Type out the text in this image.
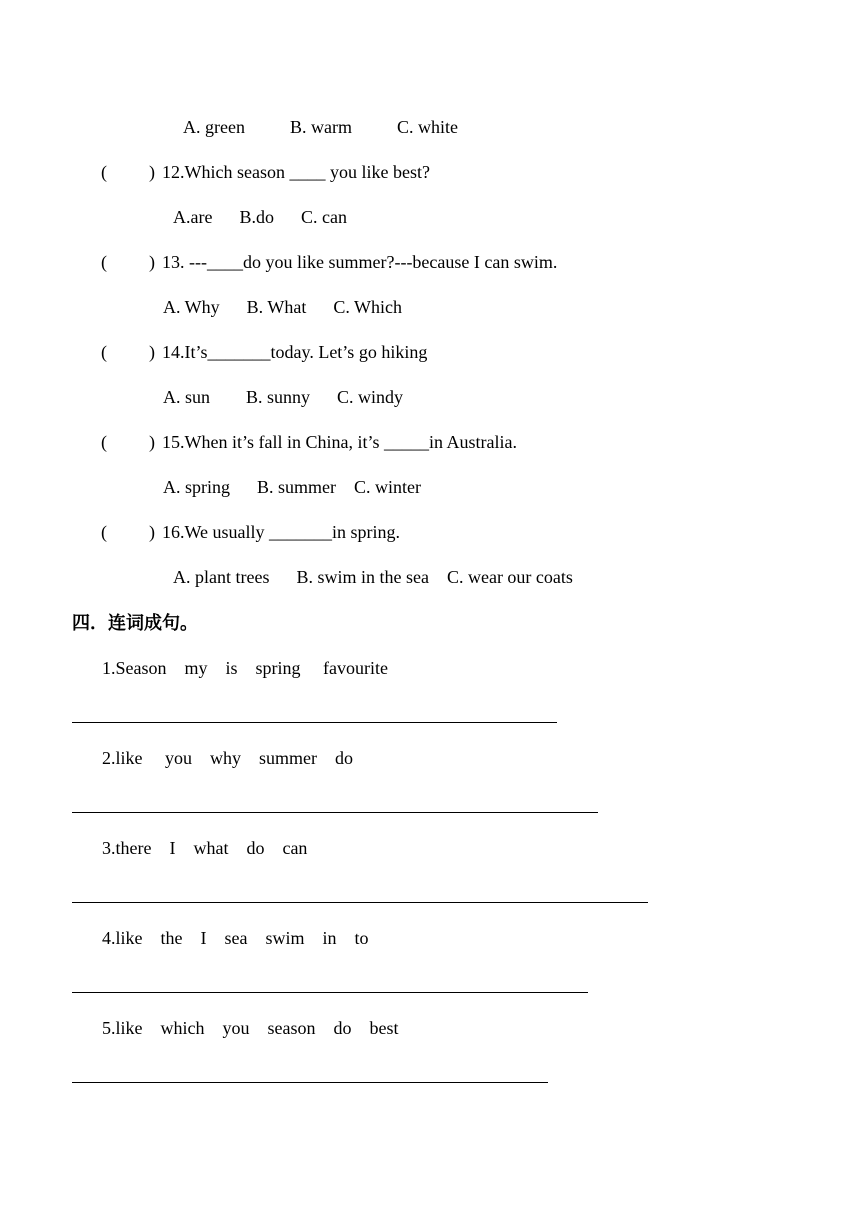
A. green          B. warm          C. white
( ) 12.Which season ____ you like best?
A.are      B.do      C. can
( ) 13. ---____do you like summer?---because I can swim.
A. Why      B. What      C. Which
( ) 14.It’s_______today. Let’s go hiking
A. sun        B. sunny      C. windy
( ) 15.When it’s fall in China, it’s _____in Australia.
A. spring      B. summer    C. winter
( ) 16.We usually _______in spring.
A. plant trees      B. swim in the sea    C. wear our coats
四．连词成句。
1.Season    my    is    spring     favourite
2.like     you    why    summer    do
3.there    I    what    do    can
4.like    the    I    sea    swim    in    to
5.like    which    you    season    do    best
